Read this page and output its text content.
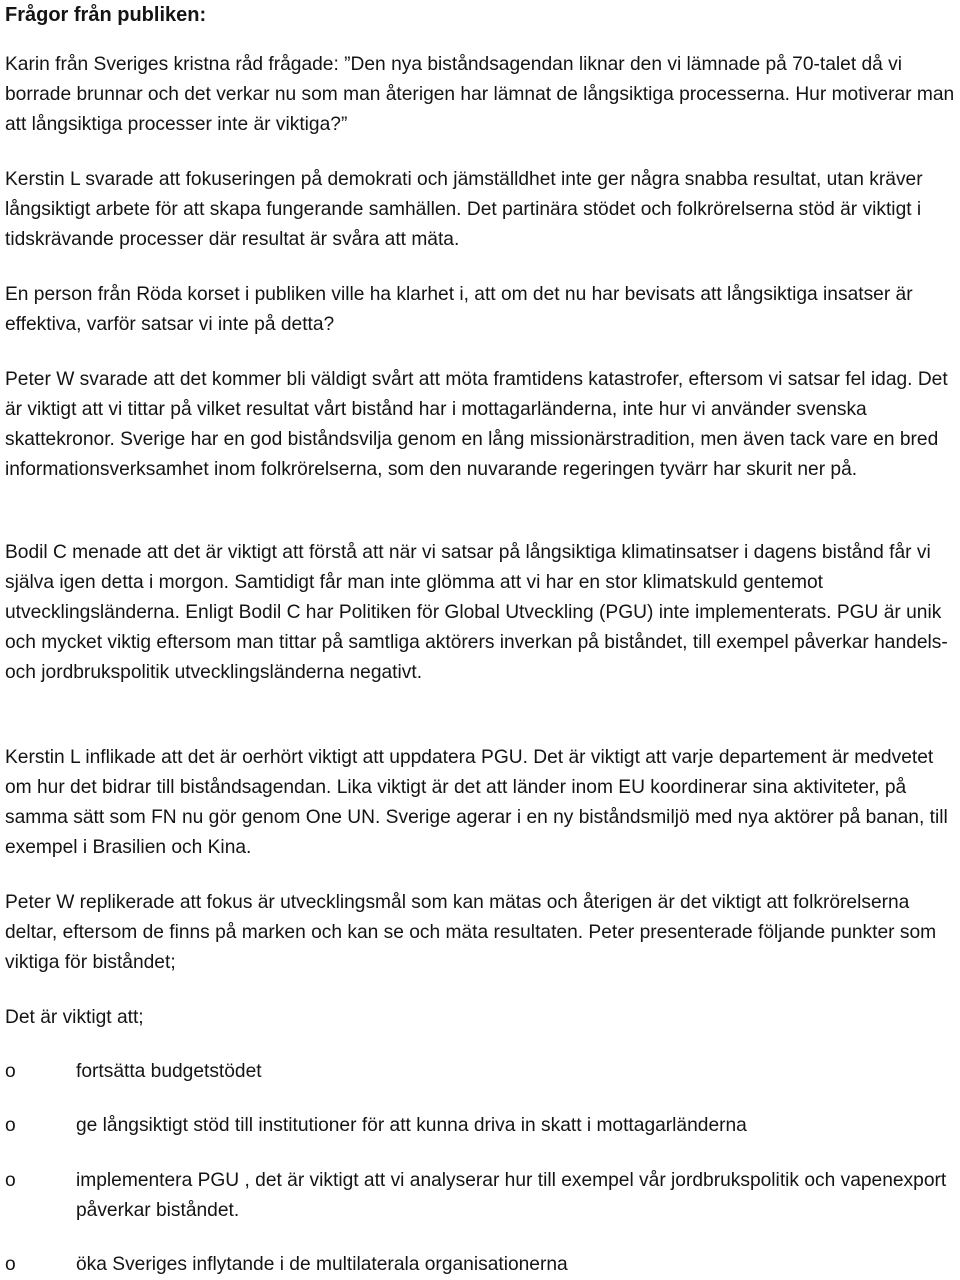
Frågor från publiken:

Karin från Sveriges kristna råd frågade: ”Den nya biståndsagendan liknar den vi lämnade på 70-talet då vi borrade brunnar och det verkar nu som man återigen har lämnat de långsiktiga processerna. Hur motiverar man att långsiktiga processer inte är viktiga?”

Kerstin L svarade att fokuseringen på demokrati och jämställdhet inte ger några snabba resultat, utan kräver långsiktigt arbete för att skapa fungerande samhällen. Det partinära stödet och folkrörelserna stöd är viktigt i tidskrävande processer där resultat är svåra att mäta.

En person från Röda korset i publiken ville ha klarhet i, att om det nu har bevisats att långsiktiga insatser är effektiva, varför satsar vi inte på detta?

Peter W svarade att det kommer bli väldigt svårt att möta framtidens katastrofer, eftersom vi satsar fel idag. Det är viktigt att vi tittar på vilket resultat vårt bistånd har i mottagarländerna, inte hur vi använder svenska skattekronor. Sverige har en god biståndsvilja genom en lång missionärstradition, men även tack vare en bred informationsverksamhet inom folkrörelserna, som den nuvarande regeringen tyvärr har skurit ner på.

Bodil C menade att det är viktigt att förstå att när vi satsar på långsiktiga klimatinsatser i dagens bistånd får vi själva igen detta i morgon. Samtidigt får man inte glömma att vi har en stor klimatskuld gentemot utvecklingsländerna. Enligt Bodil C har Politiken för Global Utveckling (PGU) inte implementerats. PGU är unik och mycket viktig eftersom man tittar på samtliga aktörers inverkan på biståndet, till exempel påverkar handels- och jordbrukspolitik utvecklingsländerna negativt.

Kerstin L inflikade att det är oerhört viktigt att uppdatera PGU. Det är viktigt att varje departement är medvetet om hur det bidrar till biståndsagendan. Lika viktigt är det att länder inom EU koordinerar sina aktiviteter, på samma sätt som FN nu gör genom One UN. Sverige agerar i en ny biståndsmiljö med nya aktörer på banan, till exempel i Brasilien och Kina.

Peter W replikerade att fokus är utvecklingsmål som kan mätas och återigen är det viktigt att folkrörelserna deltar, eftersom de finns på marken och kan se och mäta resultaten. Peter presenterade följande punkter som viktiga för biståndet;

Det är viktigt att;

o	fortsätta budgetstödet
o	ge långsiktigt stöd till institutioner för att kunna driva in skatt i mottagarländerna
o	implementera PGU , det är viktigt att vi analyserar hur till exempel vår jordbrukspolitik och vapenexport påverkar biståndet.
o	öka Sveriges inflytande i de multilaterala organisationerna
